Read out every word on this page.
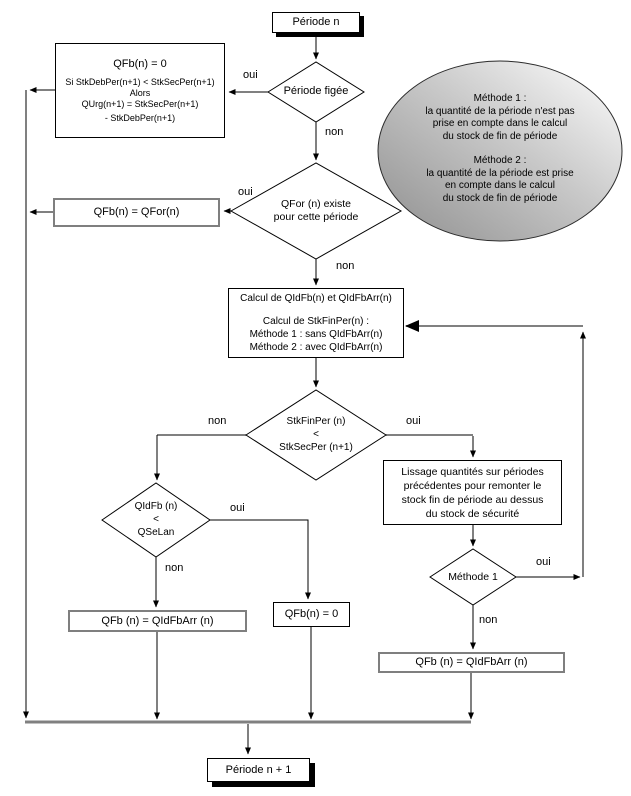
Période n
QFb(n) = 0
Si StkDebPer(n+1) < StkSecPer(n+1)
Alors
QUrg(n+1) = StkSecPer(n+1)
- StkDebPer(n+1)
Méthode 1 :
la quantité de la période n'est pas
prise en compte dans le calcul
du stock de fin de période
Méthode 2 :
la quantité de la période est prise
en compte dans le calcul
du stock de fin de période
Période figée
QFor (n) existe
pour cette période
StkFinPer (n)
<
StkSecPer (n+1)
QIdFb (n)
<
QSeLan
Méthode 1
QFb(n) = QFor(n)
Calcul de QIdFb(n) et QIdFbArr(n)
Calcul de StkFinPer(n) :
Méthode 1 : sans QIdFbArr(n)
Méthode 2 : avec QIdFbArr(n)
Lissage quantités sur périodes
précédentes pour remonter le
stock fin de période au dessus
du stock de sécurité
QFb (n) = QIdFbArr (n)
QFb(n) = 0
QFb (n) = QIdFbArr (n)
Période n + 1
oui
non
oui
non
non	oui
oui
non	oui
non
